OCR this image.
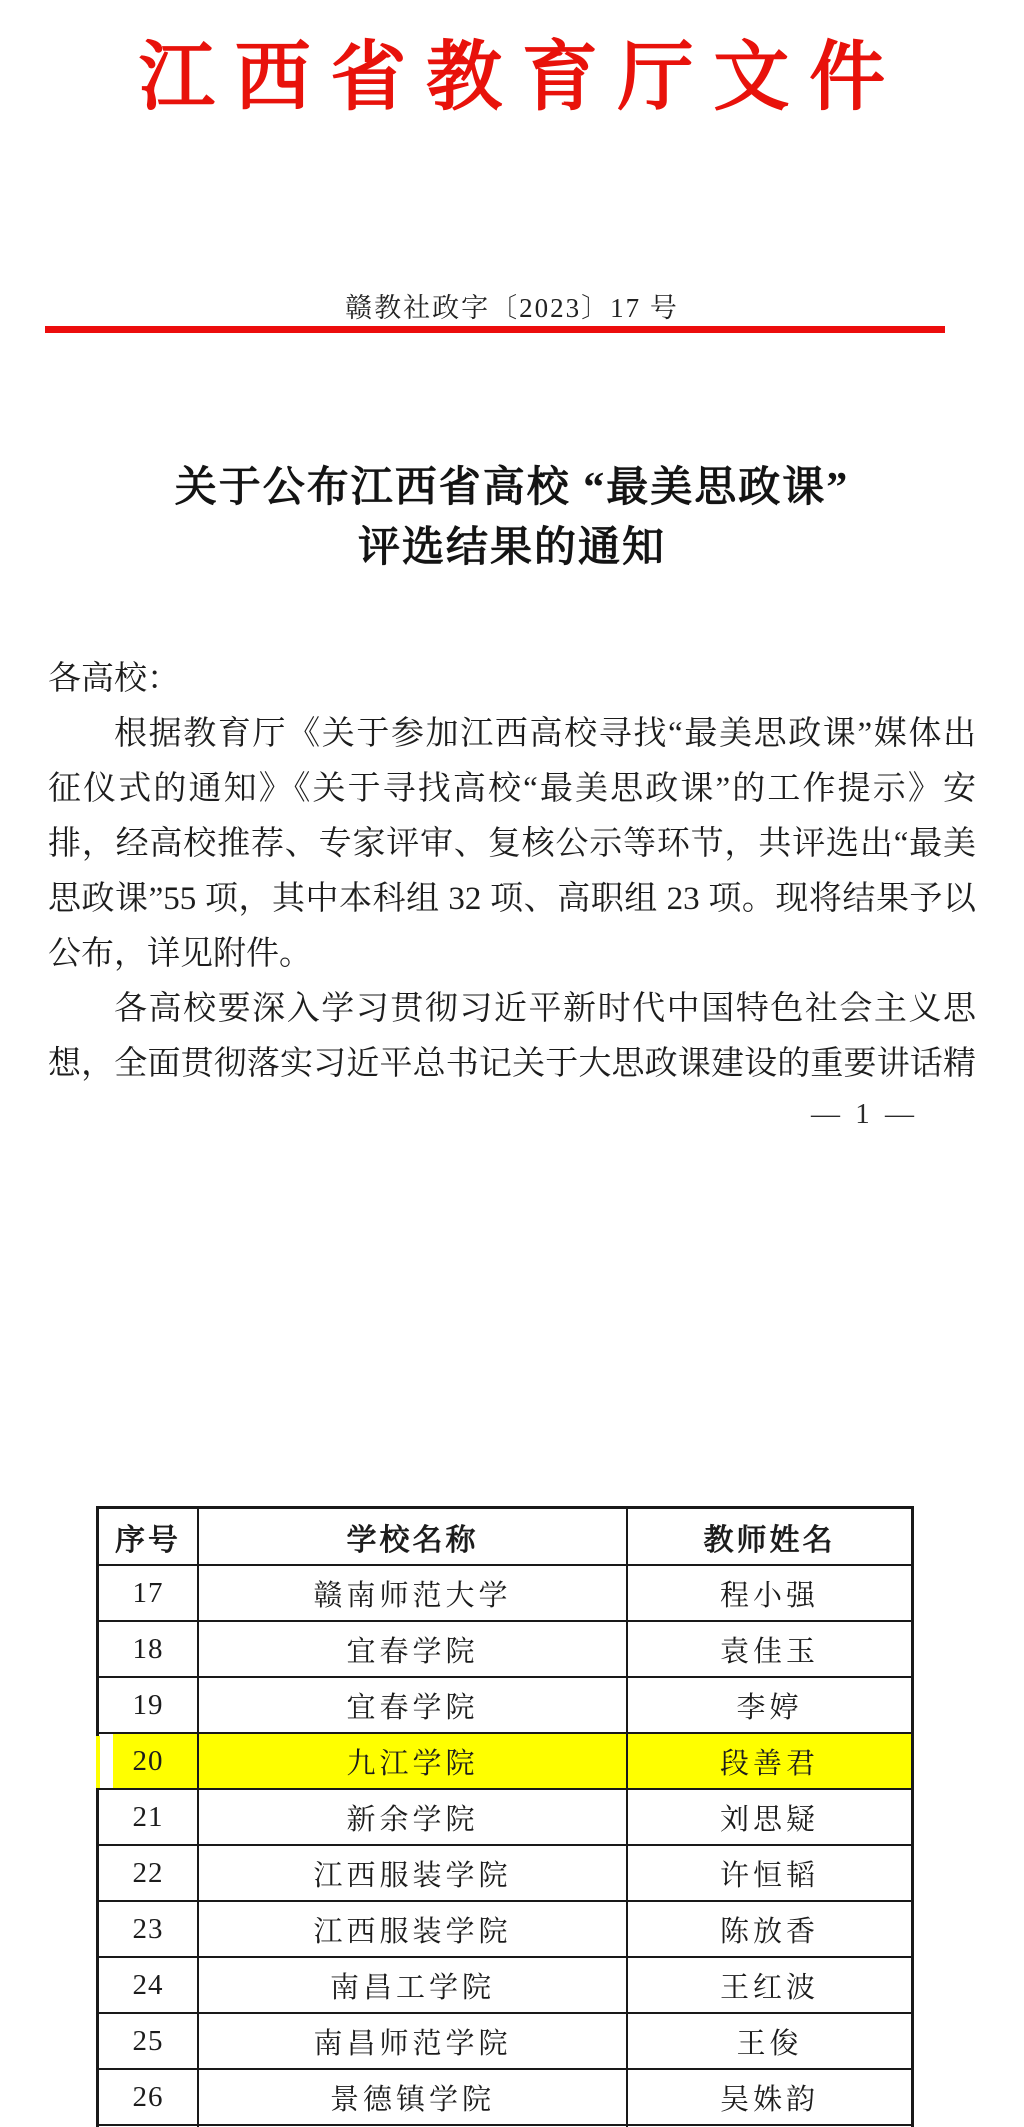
江西省教育厅文件
赣教社政字〔2023〕17 号
关于公布江西省高校 “最美思政课”
评选结果的通知
各高校：
根据教育厅《关于参加江西高校寻找“最美思政课”媒体出
征仪式的通知》《关于寻找高校“最美思政课”的工作提示》安
排，经高校推荐、专家评审、复核公示等环节，共评选出“最美
思政课”55 项，其中本科组 32 项、高职组 23 项。现将结果予以
公布，详见附件。
各高校要深入学习贯彻习近平新时代中国特色社会主义思
想，全面贯彻落实习近平总书记关于大思政课建设的重要讲话精
— 1 —
序号	学校名称	教师姓名
17	赣南师范大学	程小强
18	宜春学院	袁佳玉
19	宜春学院	李婷
20	九江学院	段善君
21	新余学院	刘思疑
22	江西服装学院	许恒韬
23	江西服装学院	陈放香
24	南昌工学院	王红波
25	南昌师范学院	王俊
26	景德镇学院	吴姝韵
